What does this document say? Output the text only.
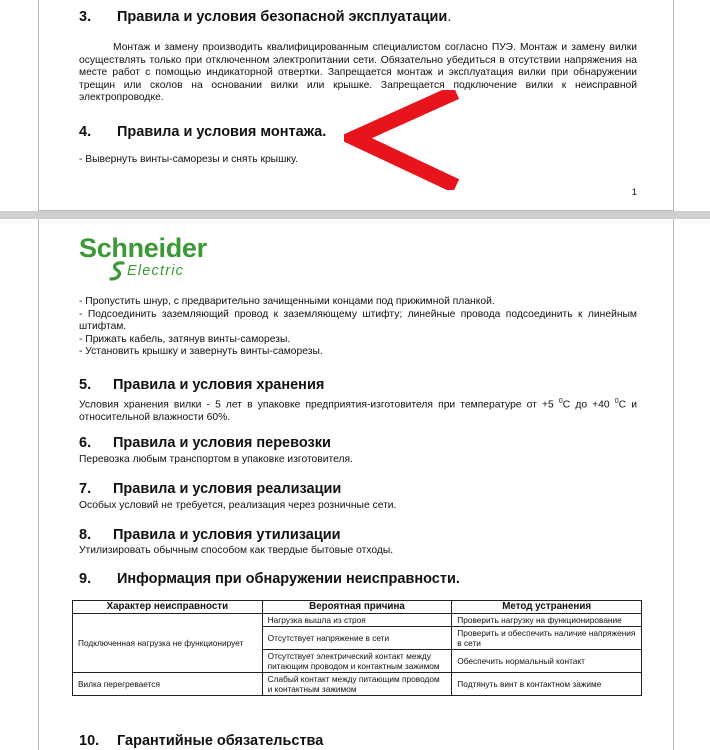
3. Правила и условия безопасной эксплуатации.
Монтаж и замену производить квалифицированным специалистом согласно ПУЭ. Монтаж и замену вилки осуществлять только при отключенном электропитании сети. Обязательно убедиться в отсутствии напряжения на месте работ с помощью индикаторной отвертки. Запрещается монтаж и эксплуатация вилки при обнаружении трещин или сколов на основании вилки или крышке. Запрещается подключение вилки к неисправной электропроводке.
4. Правила и условия монтажа.
- Вывернуть винты-саморезы и снять крышку.
1
Schneider
Electric
- Пропустить шнур, с предварительно зачищенными концами под прижимной планкой.
- Подсоединить заземляющий провод к заземляющему штифту; линейные провода подсоединить к линейным штифтам.
- Прижать кабель, затянув винты-саморезы.
- Установить крышку и завернуть винты-саморезы.
5. Правила и условия хранения
Условия хранения вилки - 5 лет в упаковке предприятия-изготовителя при температуре от +5 $^0$С до +40 $^0$С и относительной влажности 60%.
6. Правила и условия перевозки
Перевозка любым транспортом в упаковке изготовителя.
7. Правила и условия реализации
Особых условий не требуется, реализация через розничные сети.
8. Правила и условия утилизации
Утилизировать обычным способом как твердые бытовые отходы.
9. Информация при обнаружении неисправности.
Характер неисправности	Вероятная причина	Метод устранения
Подключенная нагрузка не функционирует	Нагрузка вышла из строя	Проверить нагрузку на функционирование
	Отсутствует напряжение в сети	Проверить и обеспечить наличие напряжения в сети
	Отсутствует электрический контакт между питающим проводом и контактным зажимом	Обеспечить нормальный контакт
Вилка перегревается	Слабый контакт между питающим проводом и контактным зажимом	Подтянуть винт в контактном зажиме
10. Гарантийные обязательства
